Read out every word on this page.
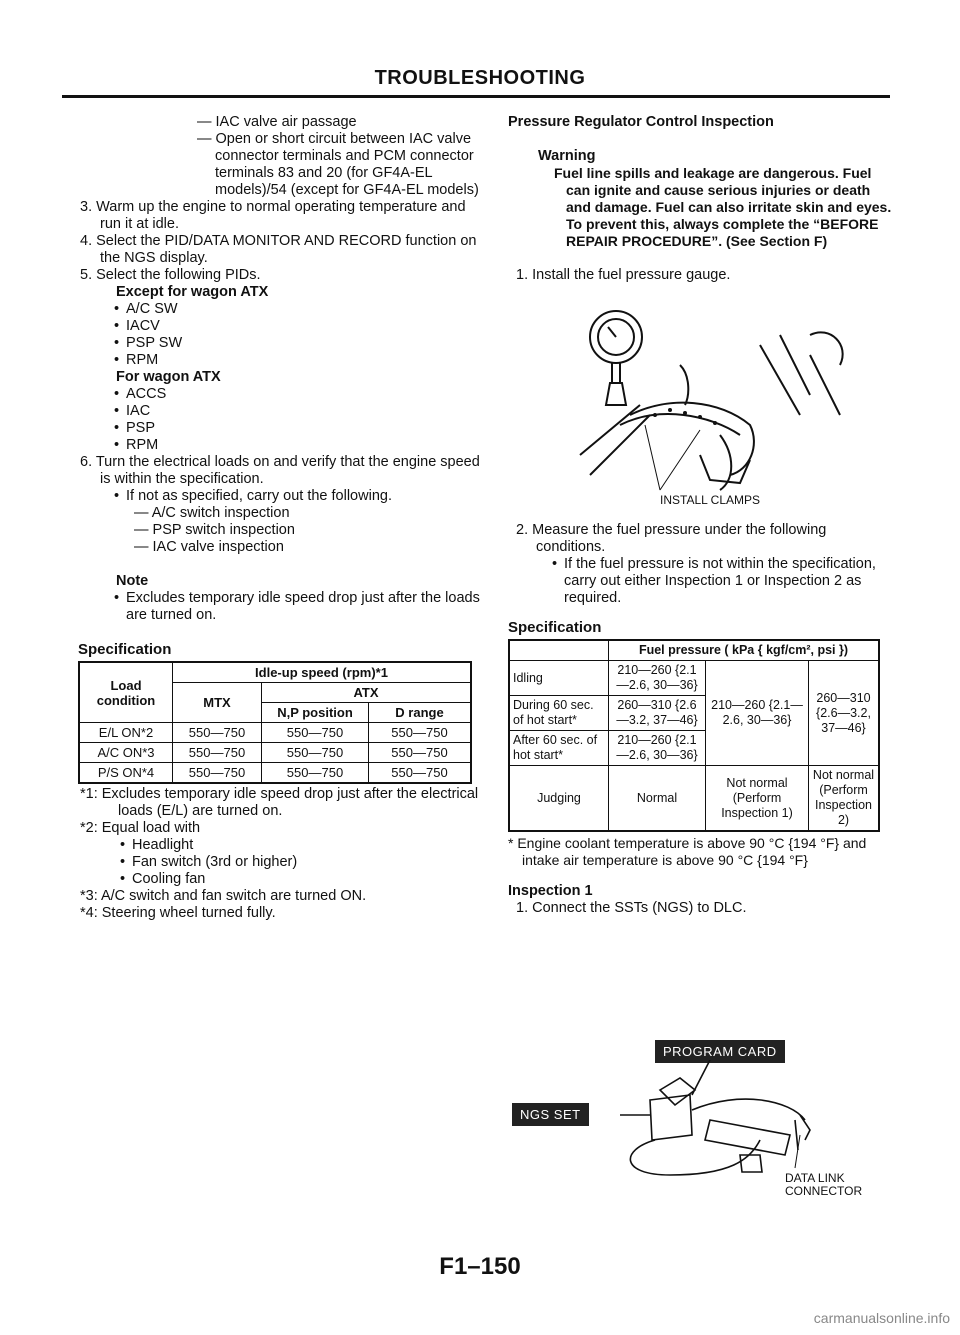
TROUBLESHOOTING
— IAC valve air passage
— Open or short circuit between IAC valve connector terminals and PCM connector terminals 83 and 20 (for GF4A-EL models)/54 (except for GF4A-EL models)
3. Warm up the engine to normal operating temperature and run it at idle.
4. Select the PID/DATA MONITOR AND RECORD function on the NGS display.
5. Select the following PIDs.
Except for wagon ATX
• A/C SW
• IACV
• PSP SW
• RPM
For wagon ATX
• ACCS
• IAC
• PSP
• RPM
6. Turn the electrical loads on and verify that the engine speed is within the specification.
• If not as specified, carry out the following.
— A/C switch inspection
— PSP switch inspection
— IAC valve inspection
Note
• Excludes temporary idle speed drop just after the loads are turned on.
Specification
Load condition	Idle-up speed (rpm)*1		
	MTX	ATX	
		N,P position	D range
E/L ON*2	550—750	550—750	550—750
A/C ON*3	550—750	550—750	550—750
P/S ON*4	550—750	550—750	550—750
*1: Excludes temporary idle speed drop just after the electrical loads (E/L) are turned on.
*2: Equal load with
• Headlight
• Fan switch (3rd or higher)
• Cooling fan
*3: A/C switch and fan switch are turned ON.
*4: Steering wheel turned fully.
Pressure Regulator Control Inspection
Warning
Fuel line spills and leakage are dangerous. Fuel can ignite and cause serious injuries or death and damage. Fuel can also irritate skin and eyes. To prevent this, always complete the “BEFORE REPAIR PROCEDURE”. (See Section F)
1. Install the fuel pressure gauge.
INSTALL CLAMPS
2. Measure the fuel pressure under the following conditions.
• If the fuel pressure is not within the specification, carry out either Inspection 1 or Inspection 2 as required.
Specification
	Fuel pressure ( kPa { kgf/cm², psi })		
Idling	210—260 {2.1—2.6, 30—36}	210—260 {2.1—2.6, 30—36}	260—310 {2.6—3.2, 37—46}
During 60 sec. of hot start*	260—310 {2.6—3.2, 37—46}		
After 60 sec. of hot start*	210—260 {2.1—2.6, 30—36}		
Judging	Normal	Not normal (Perform Inspection 1)	Not normal (Perform Inspection 2)
* Engine coolant temperature is above 90 °C {194 °F} and intake air temperature is above 90 °C {194 °F}
Inspection 1
1. Connect the SSTs (NGS) to DLC.
PROGRAM CARD
NGS SET
DATA LINK CONNECTOR
F1–150
carmanualsonline.info
